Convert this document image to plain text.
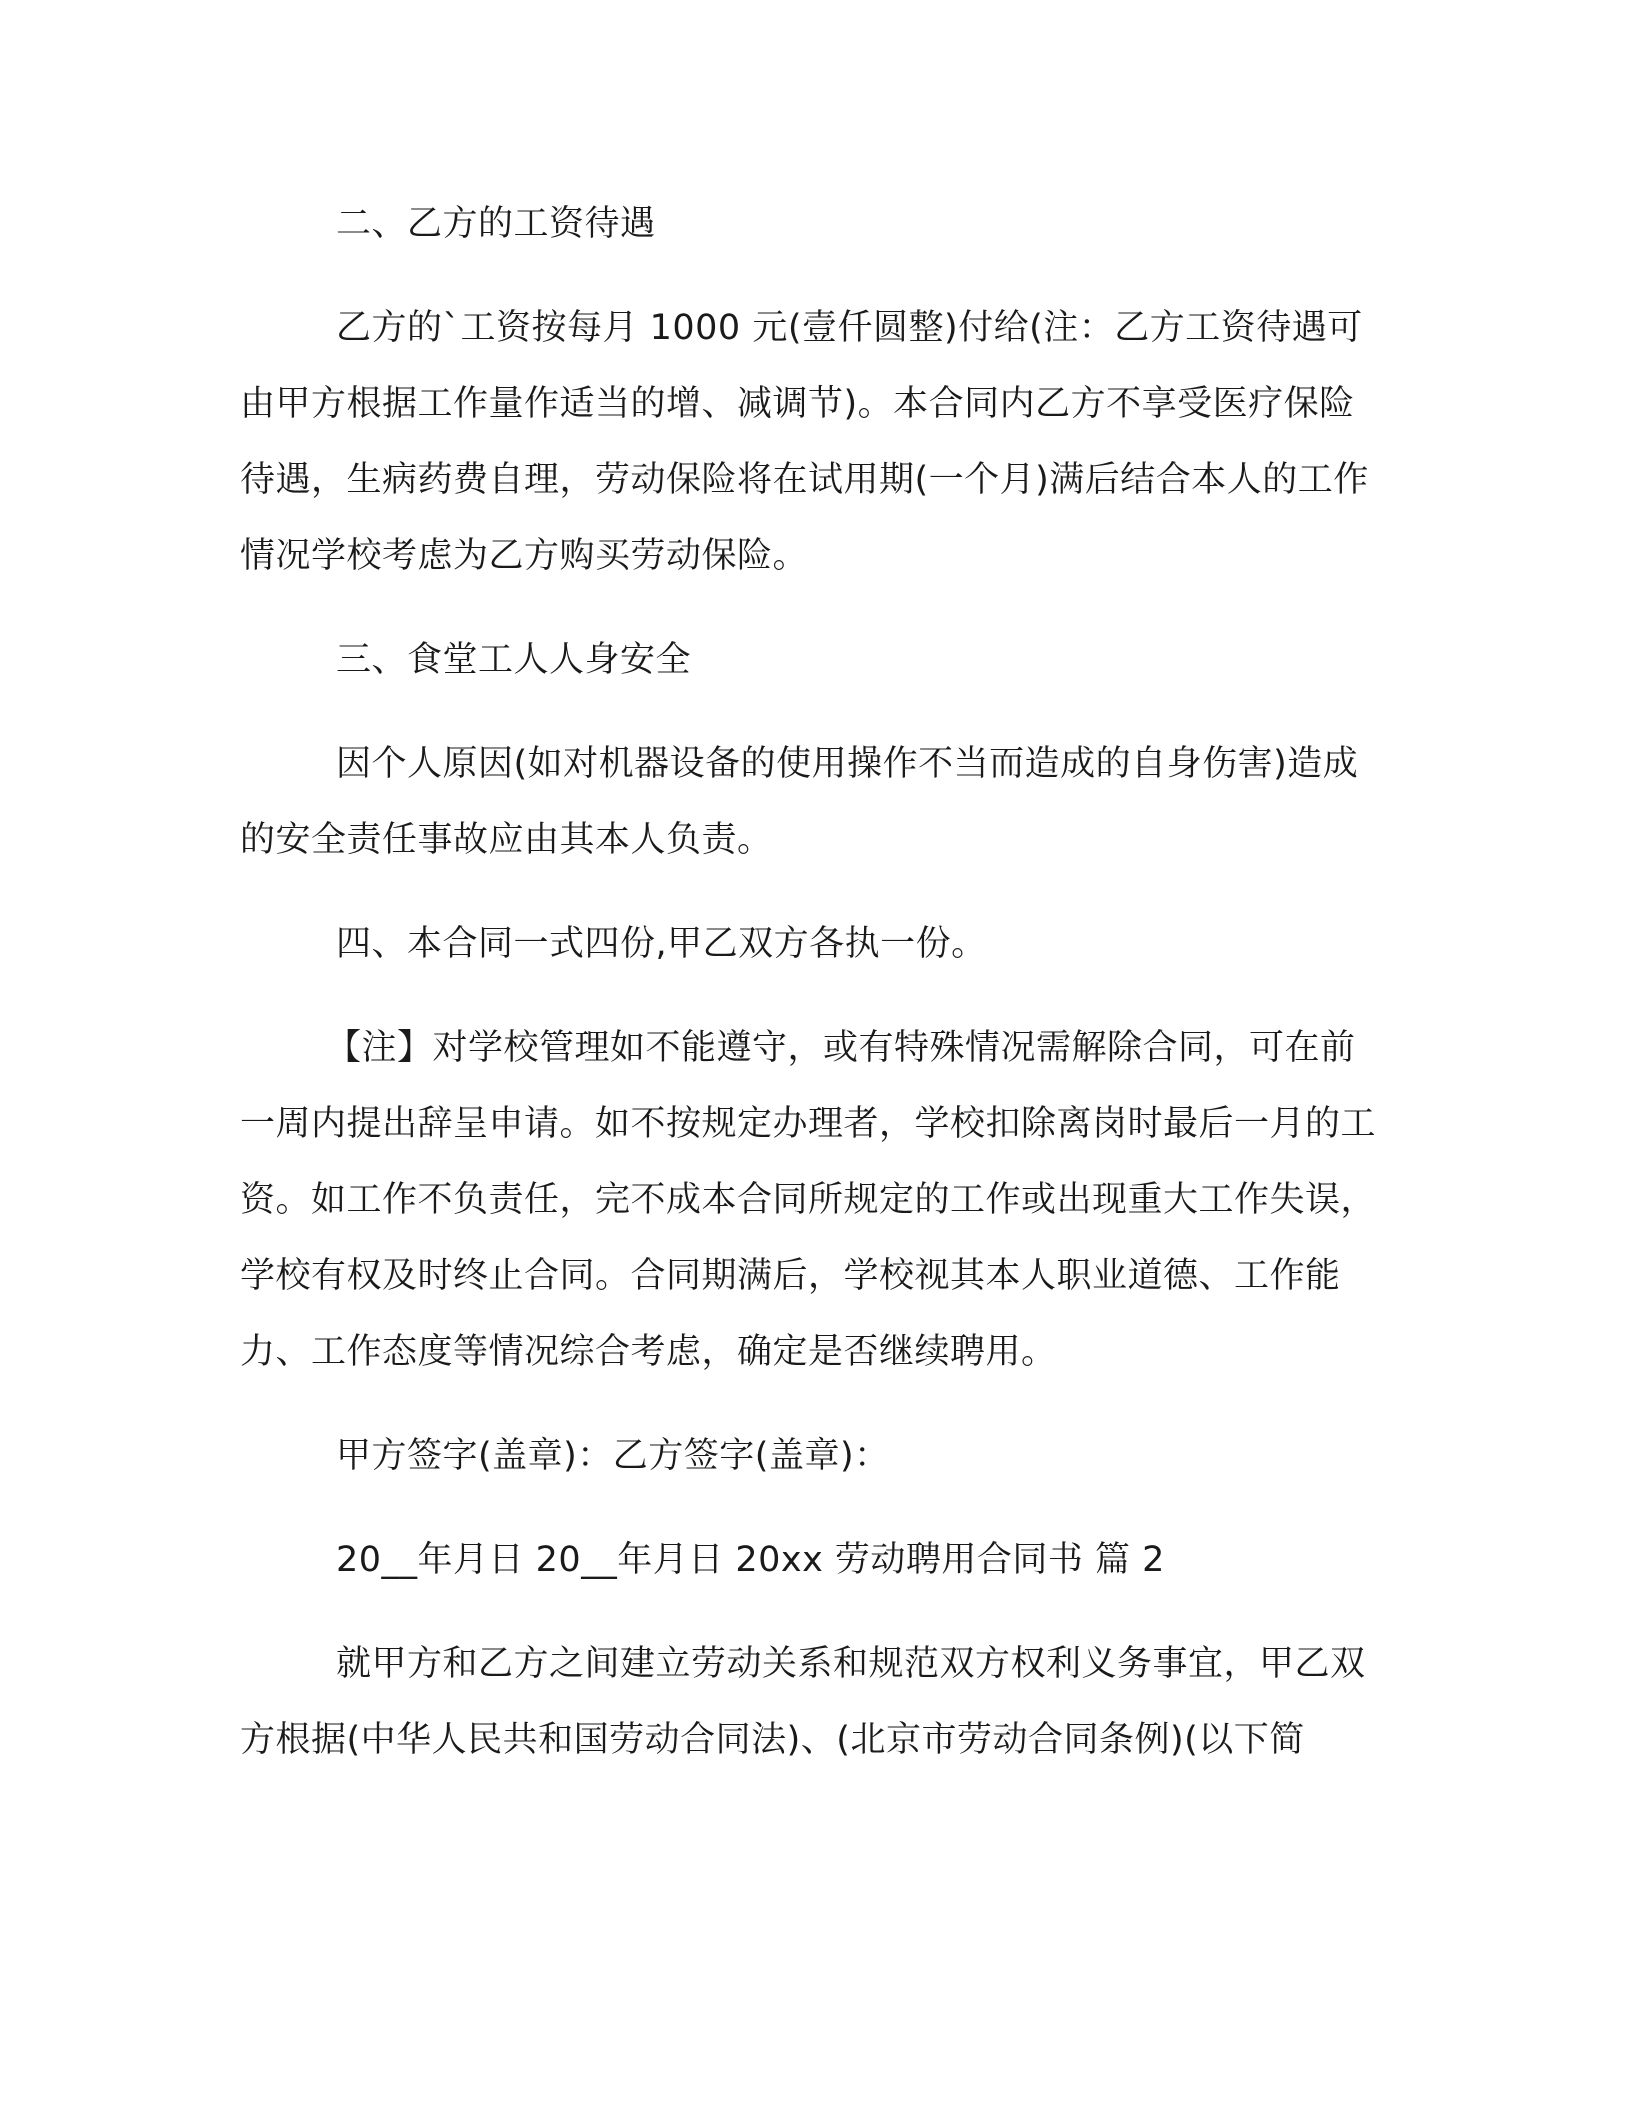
二、乙方的工资待遇

乙方的`工资按每月 1000 元(壹仟圆整)付给(注：乙方工资待遇可由甲方根据工作量作适当的增、减调节)。本合同内乙方不享受医疗保险待遇，生病药费自理，劳动保险将在试用期(一个月)满后结合本人的工作情况学校考虑为乙方购买劳动保险。

三、食堂工人人身安全

因个人原因(如对机器设备的使用操作不当而造成的自身伤害)造成的安全责任事故应由其本人负责。

四、本合同一式四份,甲乙双方各执一份。

【注】对学校管理如不能遵守，或有特殊情况需解除合同，可在前一周内提出辞呈申请。如不按规定办理者，学校扣除离岗时最后一月的工资。如工作不负责任，完不成本合同所规定的工作或出现重大工作失误，学校有权及时终止合同。合同期满后，学校视其本人职业道德、工作能力、工作态度等情况综合考虑，确定是否继续聘用。

甲方签字(盖章)：乙方签字(盖章)：

20__年月日 20__年月日 20xx 劳动聘用合同书 篇 2

就甲方和乙方之间建立劳动关系和规范双方权利义务事宜，甲乙双方根据(中华人民共和国劳动合同法)、(北京市劳动合同条例)(以下简
